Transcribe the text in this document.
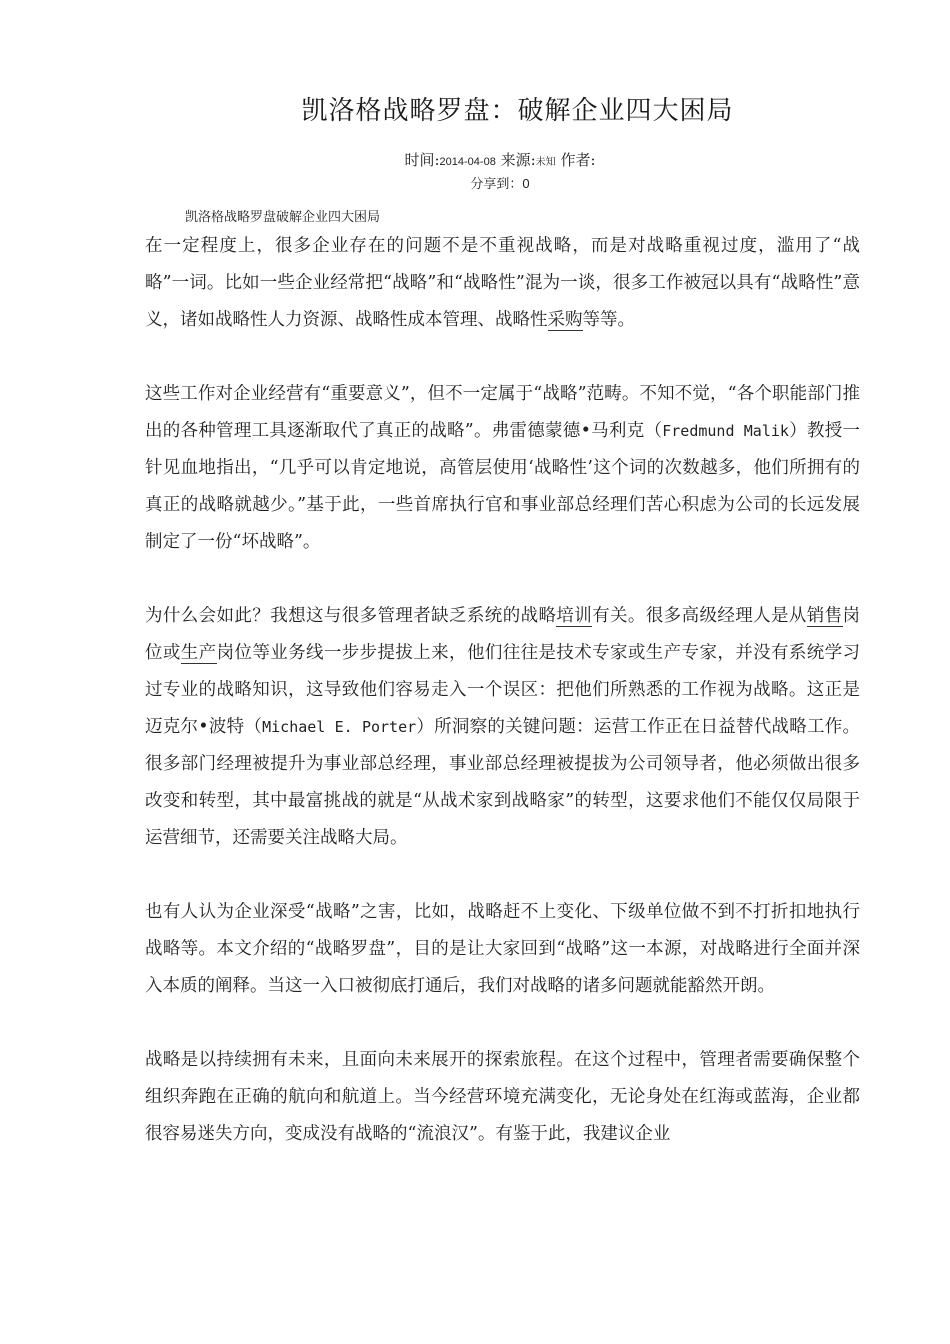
凯洛格战略罗盘：破解企业四大困局
时间:2014-04-08 来源:未知 作者:
分享到：0
凯洛格战略罗盘破解企业四大困局

在一定程度上，很多企业存在的问题不是不重视战略，而是对战略重视过度，滥用了“战略”一词。比如一些企业经常把“战略”和“战略性”混为一谈，很多工作被冠以具有“战略性”意义，诸如战略性人力资源、战略性成本管理、战略性采购等等。

这些工作对企业经营有“重要意义”，但不一定属于“战略”范畴。不知不觉，“各个职能部门推出的各种管理工具逐渐取代了真正的战略”。弗雷德蒙德•马利克（Fredmund Malik）教授一针见血地指出，“几乎可以肯定地说，高管层使用‘战略性’这个词的次数越多，他们所拥有的真正的战略就越少。”基于此，一些首席执行官和事业部总经理们苦心积虑为公司的长远发展制定了一份“坏战略”。

为什么会如此？我想这与很多管理者缺乏系统的战略培训有关。很多高级经理人是从销售岗位或生产岗位等业务线一步步提拔上来，他们往往是技术专家或生产专家，并没有系统学习过专业的战略知识，这导致他们容易走入一个误区：把他们所熟悉的工作视为战略。这正是迈克尔•波特（Michael E. Porter）所洞察的关键问题：运营工作正在日益替代战略工作。很多部门经理被提升为事业部总经理，事业部总经理被提拔为公司领导者，他必须做出很多改变和转型，其中最富挑战的就是“从战术家到战略家”的转型，这要求他们不能仅仅局限于运营细节，还需要关注战略大局。

也有人认为企业深受“战略”之害，比如，战略赶不上变化、下级单位做不到不打折扣地执行战略等。本文介绍的“战略罗盘”，目的是让大家回到“战略”这一本源，对战略进行全面并深入本质的阐释。当这一入口被彻底打通后，我们对战略的诸多问题就能豁然开朗。

战略是以持续拥有未来，且面向未来展开的探索旅程。在这个过程中，管理者需要确保整个组织奔跑在正确的航向和航道上。当今经营环境充满变化，无论身处在红海或蓝海，企业都很容易迷失方向，变成没有战略的“流浪汉”。有鉴于此，我建议企业
